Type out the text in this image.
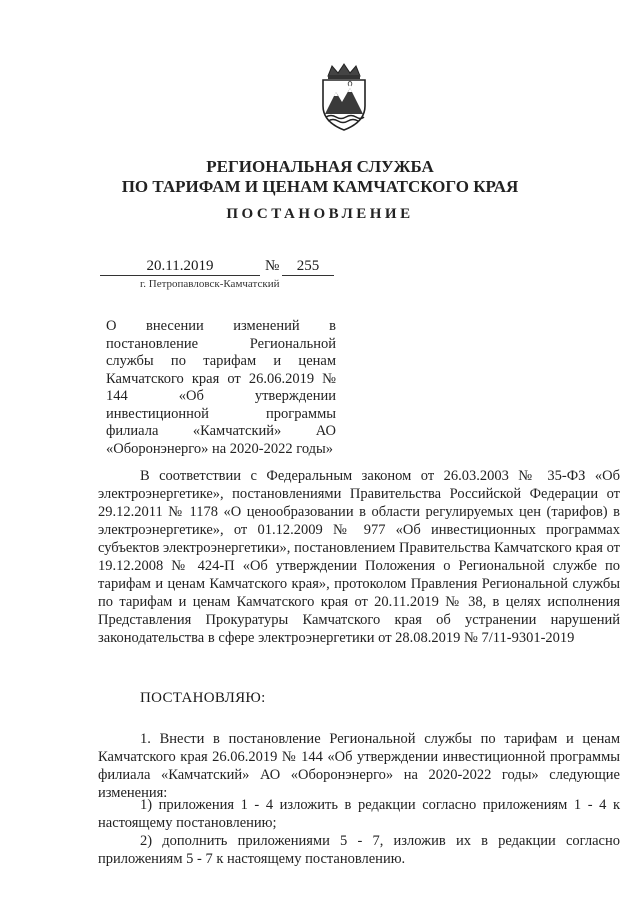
РЕГИОНАЛЬНАЯ СЛУЖБА
ПО ТАРИФАМ И ЦЕНАМ КАМЧАТСКОГО КРАЯ
ПОСТАНОВЛЕНИЕ
20.11.2019	№	255
г. Петропавловск-Камчатский
О внесении изменений в постановление Региональной службы по тарифам и ценам Камчатского края от 26.06.2019 № 144 «Об утверждении инвестиционной программы филиала «Камчатский» АО «Оборонэнерго» на 2020-2022 годы»
В соответствии с Федеральным законом от 26.03.2003 № 35-ФЗ «Об электроэнергетике», постановлениями Правительства Российской Федерации от 29.12.2011 № 1178 «О ценообразовании в области регулируемых цен (тарифов) в электроэнергетике», от 01.12.2009 № 977 «Об инвестиционных программах субъектов электроэнергетики», постановлением Правительства Камчатского края от 19.12.2008 № 424-П «Об утверждении Положения о Региональной службе по тарифам и ценам Камчатского края», протоколом Правления Региональной службы по тарифам и ценам Камчатского края от 20.11.2019 № 38, в целях исполнения Представления Прокуратуры Камчатского края об устранении нарушений законодательства в сфере электроэнергетики от 28.08.2019 № 7/11-9301-2019
ПОСТАНОВЛЯЮ:
1. Внести в постановление Региональной службы по тарифам и ценам Камчатского края 26.06.2019 № 144 «Об утверждении инвестиционной программы филиала «Камчатский» АО «Оборонэнерго» на 2020-2022 годы» следующие изменения:
1) приложения 1 - 4 изложить в редакции согласно приложениям 1 - 4 к настоящему постановлению;
2) дополнить приложениями 5 - 7, изложив их в редакции согласно приложениям 5 - 7 к настоящему постановлению.
